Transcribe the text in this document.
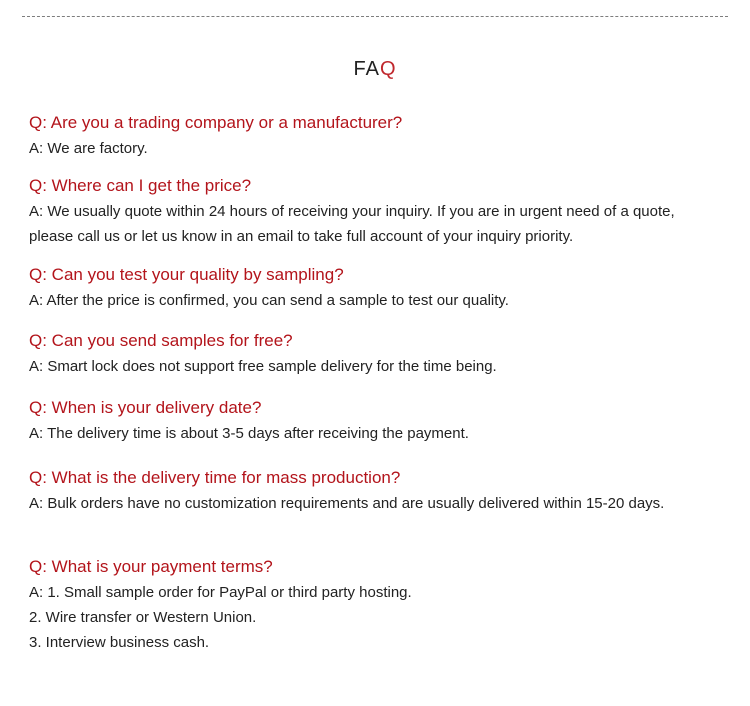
FAQ

Q: Are you a trading company or a manufacturer?

A: We are factory.

Q: Where can I get the price?

A: We usually quote within 24 hours of receiving your inquiry. If you are in urgent need of a quote, please call us or let us know in an email to take full account of your inquiry priority.

Q: Can you test your quality by sampling?

A: After the price is confirmed, you can send a sample to test our quality.

Q: Can you send samples for free?

A: Smart lock does not support free sample delivery for the time being.

Q: When is your delivery date?

A: The delivery time is about 3-5 days after receiving the payment.

Q: What is the delivery time for mass production?

A: Bulk orders have no customization requirements and are usually delivered within 15-20 days.

Q: What is your payment terms?

A: 1. Small sample order for PayPal or third party hosting.

2. Wire transfer or Western Union.

3. Interview business cash.
